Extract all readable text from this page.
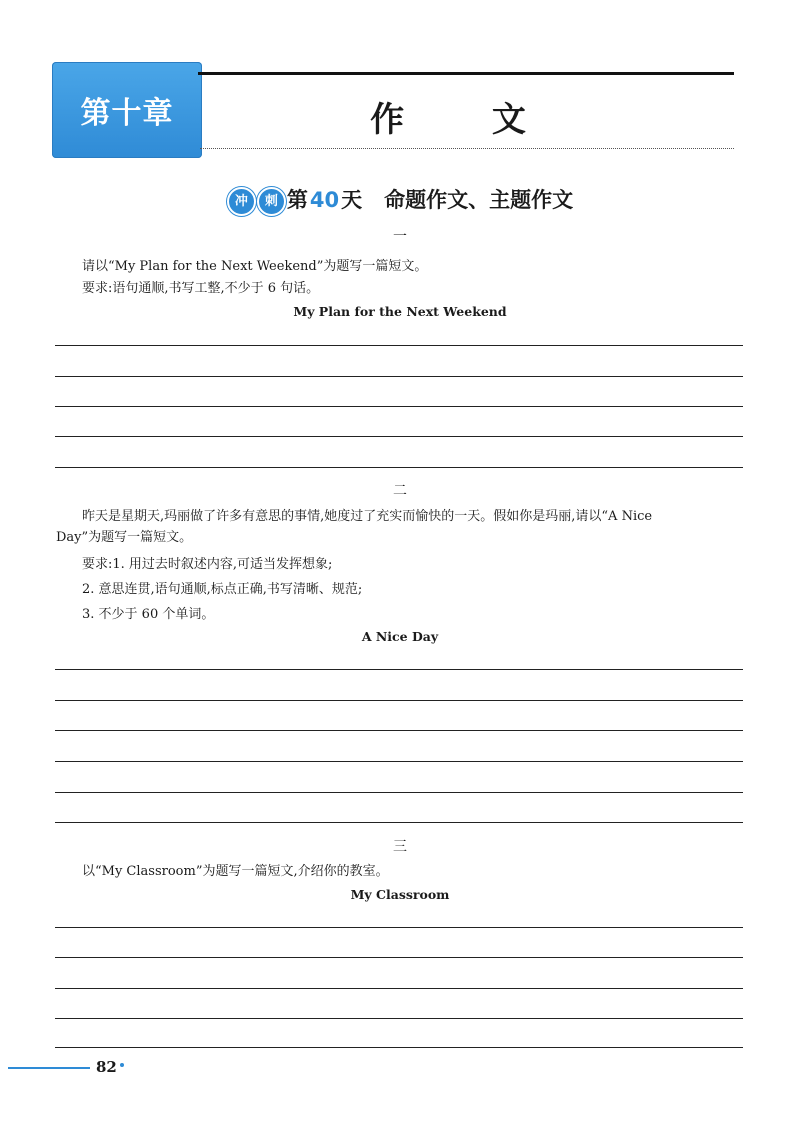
第十章	作 文
冲 刺 第40天 命题作文、主题作文
一
请以“My Plan for the Next Weekend”为题写一篇短文。
要求:语句通顺,书写工整,不少于 6 句话。
My Plan for the Next Weekend
二
昨天是星期天,玛丽做了许多有意思的事情,她度过了充实而愉快的一天。假如你是玛丽,请以“A Nice
Day”为题写一篇短文。
要求:1. 用过去时叙述内容,可适当发挥想象;
2. 意思连贯,语句通顺,标点正确,书写清晰、规范;
3. 不少于 60 个单词。
A Nice Day
三
以“My Classroom”为题写一篇短文,介绍你的教室。
My Classroom
82
